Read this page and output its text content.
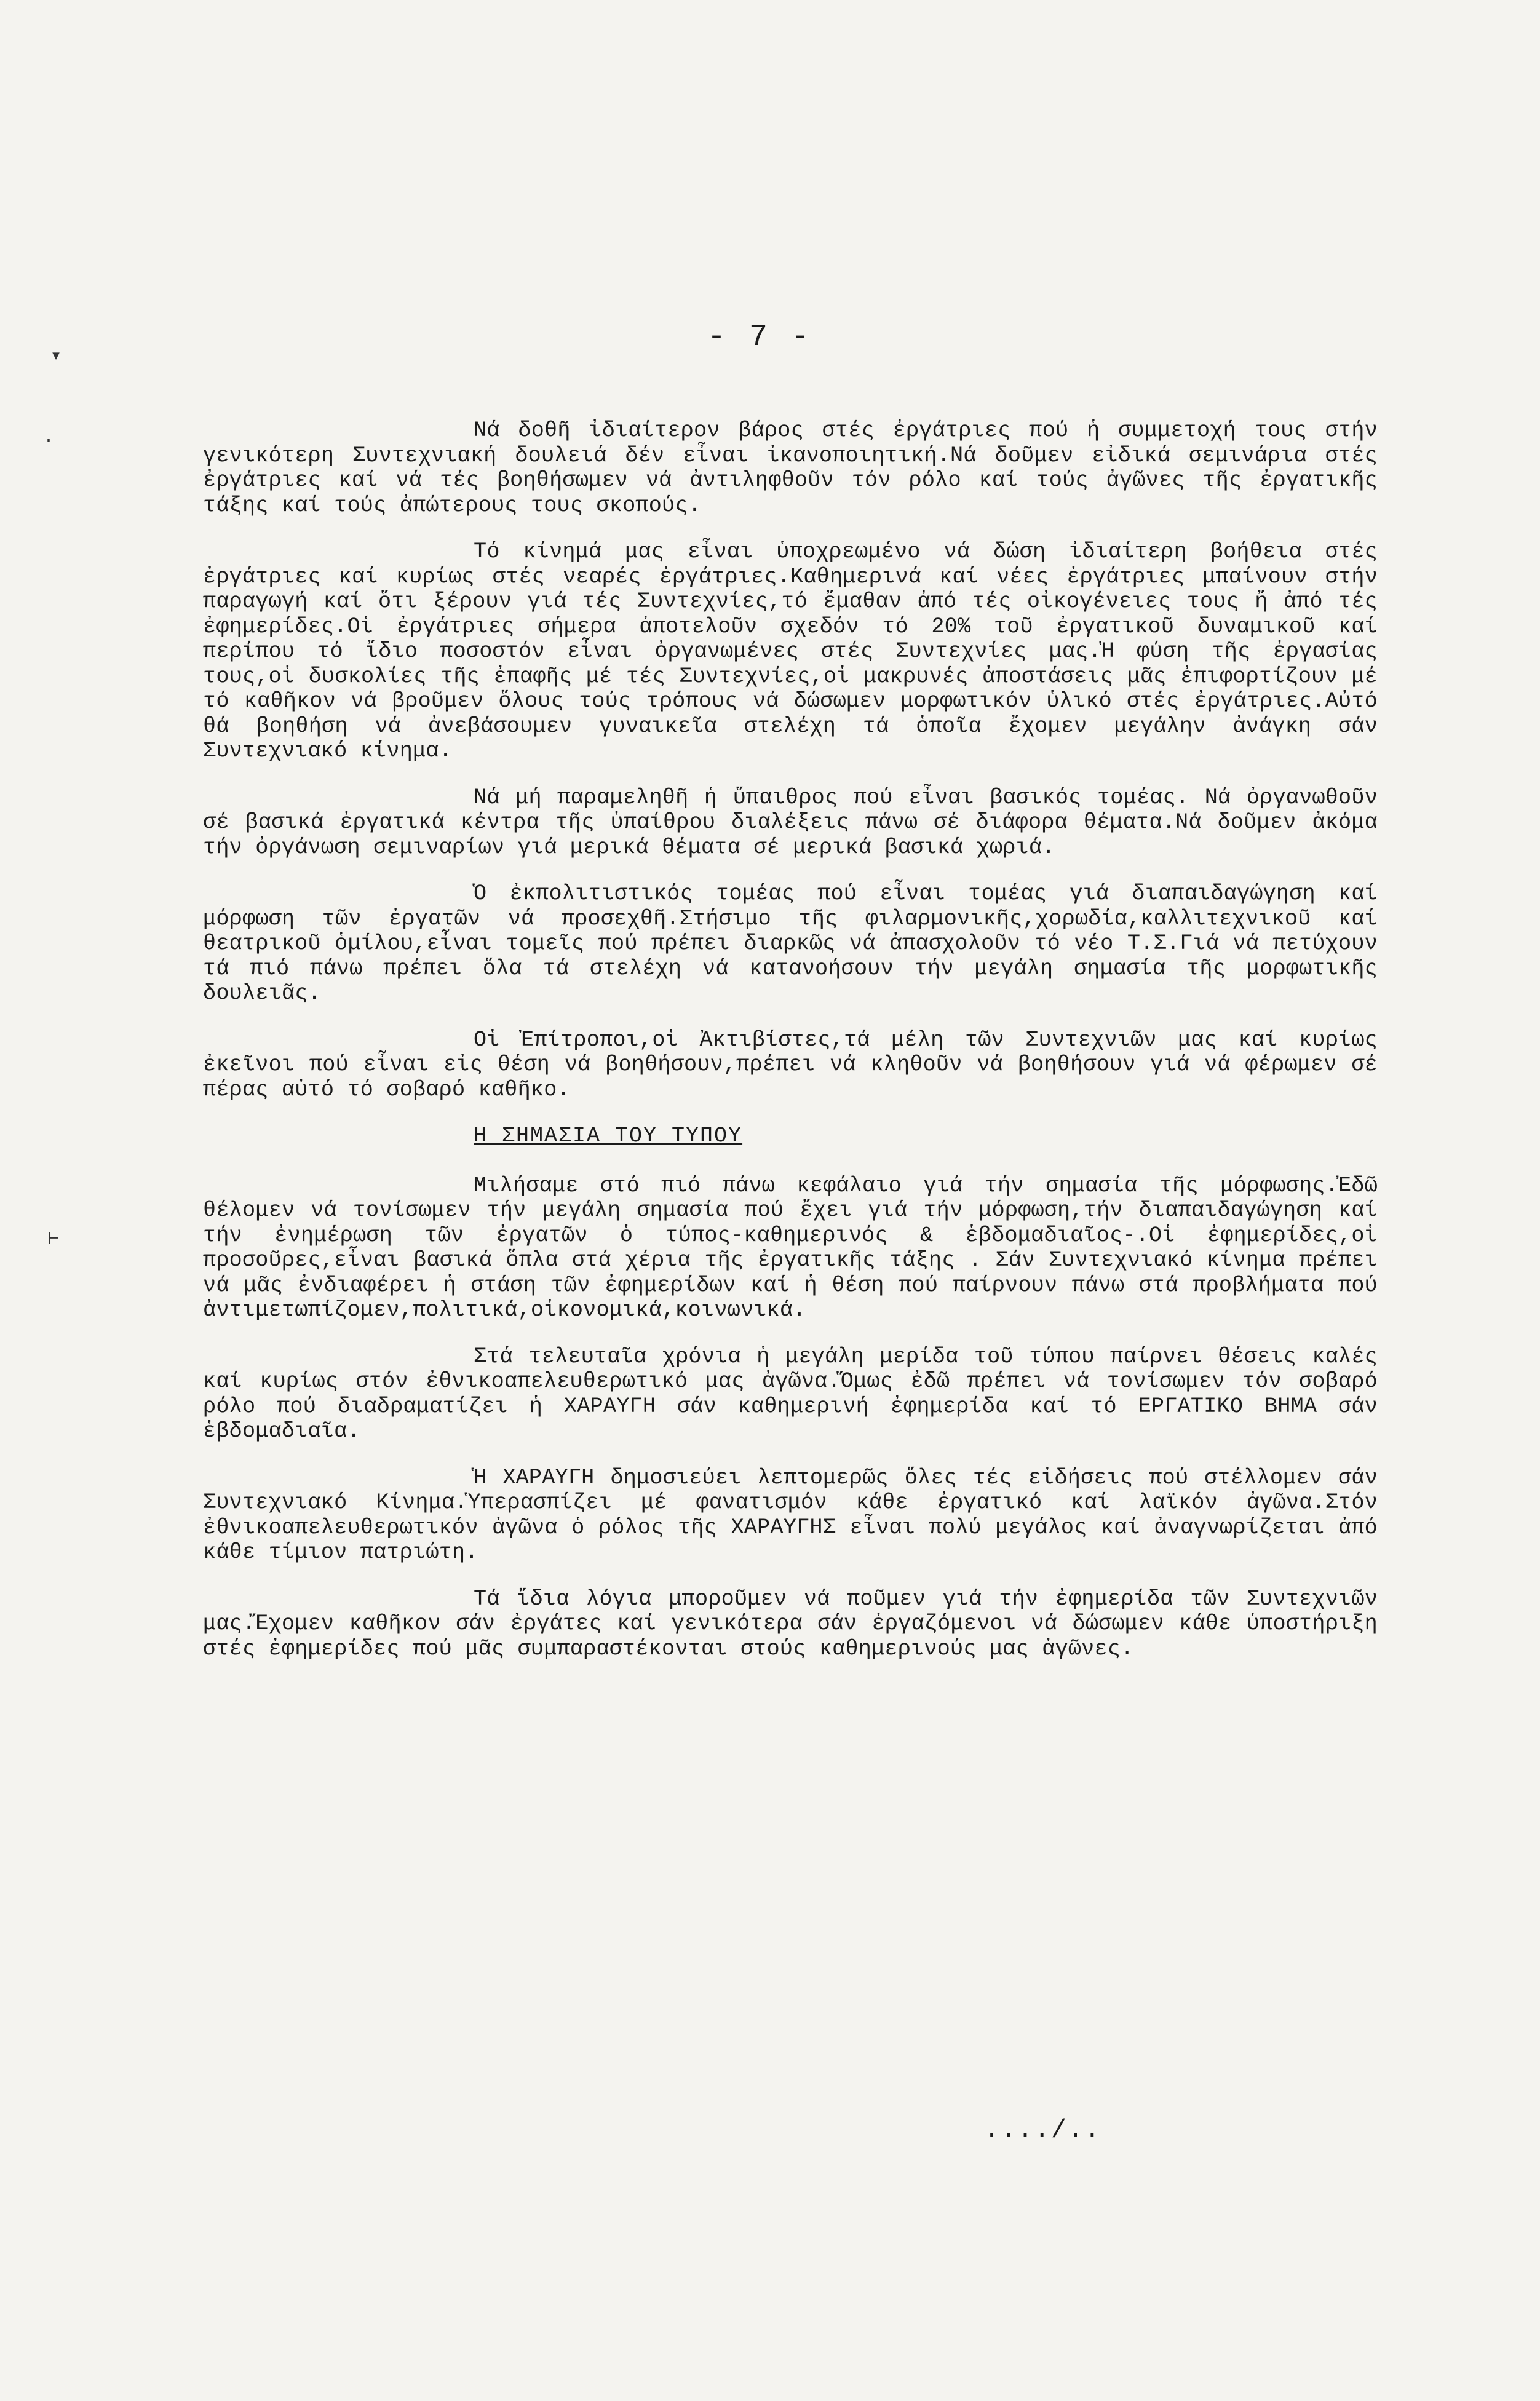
- 7 -
▾
·
⊢

Νά δοθῆ ἰδιαίτερον βάρος στές ἐργάτριες πού ἡ συμμετοχή τους στήν γενικότερη Συντεχνιακή δουλειά δέν εἶναι ἰκανοποιητική.Νά δοῦμεν εἰδικά σεμινάρια στές ἐργάτριες καί νά τές βοηθήσωμεν νά ἀντιληφθοῦν τόν ρόλο καί τούς ἀγῶνες τῆς ἐργατικῆς τάξης καί τούς ἀπώτερους τους σκοπούς.

Τό κίνημά μας εἶναι ὑποχρεωμένο νά δώση ἰδιαίτερη βοήθεια στές ἐργάτριες καί κυρίως στές νεαρές ἐργάτριες.Καθημερινά καί νέες ἐργάτριες μπαίνουν στήν παραγωγή καί ὅτι ξέρουν γιά τές Συντεχνίες,τό ἔμαθαν ἀπό τές οἰκογένειες τους ἤ ἀπό τές ἐφημερίδες.Οἱ ἐργάτριες σήμερα ἀποτελοῦν σχεδόν τό 20% τοῦ ἐργατικοῦ δυναμικοῦ καί περίπου τό ἴδιο ποσοστόν εἶναι ὀργανωμένες στές Συντεχνίες μας.Ἡ φύση τῆς ἐργασίας τους,οἱ δυσκολίες τῆς ἐπαφῆς μέ τές Συντεχνίες,οἱ μακρυνές ἀποστάσεις μᾶς ἐπιφορτίζουν μέ τό καθῆκον νά βροῦμεν ὅλους τούς τρόπους νά δώσωμεν μορφωτικόν ὑλικό στές ἐργάτριες.Αὐτό θά βοηθήση νά ἀνεβάσουμεν γυναικεῖα στελέχη τά ὁποῖα ἔχομεν μεγάλην ἀνάγκη σάν Συντεχνιακό κίνημα.

Νά μή παραμεληθῆ ἡ ὕπαιθρος πού εἶναι βασικός τομέας. Νά ὀργανωθοῦν σέ βασικά ἐργατικά κέντρα τῆς ὑπαίθρου διαλέξεις πάνω σέ διάφορα θέματα.Νά δοῦμεν ἀκόμα τήν ὀργάνωση σεμιναρίων γιά μερικά θέματα σέ μερικά βασικά χωριά.

Ὁ ἐκπολιτιστικός τομέας πού εἶναι τομέας γιά διαπαιδαγώγηση καί μόρφωση τῶν ἐργατῶν νά προσεχθῆ.Στήσιμο τῆς φιλαρμονικῆς,χορωδία,καλλιτεχνικοῦ καί θεατρικοῦ ὁμίλου,εἶναι τομεῖς πού πρέπει διαρκῶς νά ἀπασχολοῦν τό νέο Τ.Σ.Γιά νά πετύχουν τά πιό πάνω πρέπει ὅλα τά στελέχη νά κατανοήσουν τήν μεγάλη σημασία τῆς μορφωτικῆς δουλειᾶς.

Οἱ Ἐπίτροποι,οἱ Ἀκτιβίστες,τά μέλη τῶν Συντεχνιῶν μας καί κυρίως ἐκεῖνοι πού εἶναι εἰς θέση νά βοηθήσουν,πρέπει νά κληθοῦν νά βοηθήσουν γιά νά φέρωμεν σέ πέρας αὐτό τό σοβαρό καθῆκο.

Η ΣΗΜΑΣΙΑ ΤΟΥ ΤΥΠΟΥ

Μιλήσαμε στό πιό πάνω κεφάλαιο γιά τήν σημασία τῆς μόρφωσης.Ἐδῶ θέλομεν νά τονίσωμεν τήν μεγάλη σημασία πού ἔχει γιά τήν μόρφωση,τήν διαπαιδαγώγηση καί τήν ἐνημέρωση τῶν ἐργατῶν ὁ τύπος-καθημερινός & ἑβδομαδιαῖος-.Οἱ ἐφημερίδες,οἱ προσοῦρες,εἶναι βασικά ὅπλα στά χέρια τῆς ἐργατικῆς τάξης . Σάν Συντεχνιακό κίνημα πρέπει νά μᾶς ἐνδιαφέρει ἡ στάση τῶν ἐφημερίδων καί ἡ θέση πού παίρνουν πάνω στά προβλήματα πού ἀντιμετωπίζομεν,πολιτικά,οἰκονομικά,κοινωνικά.

Στά τελευταῖα χρόνια ἡ μεγάλη μερίδα τοῦ τύπου παίρνει θέσεις καλές καί κυρίως στόν ἐθνικοαπελευθερωτικό μας ἀγῶνα.Ὅμως ἐδῶ πρέπει νά τονίσωμεν τόν σοβαρό ρόλο πού διαδραματίζει ἡ ΧΑΡΑΥΓΗ σάν καθημερινή ἐφημερίδα καί τό ΕΡΓΑΤΙΚΟ ΒΗΜΑ σάν ἑβδομαδιαῖα.

Ἡ ΧΑΡΑΥΓΗ δημοσιεύει λεπτομερῶς ὅλες τές εἰδήσεις πού στέλλομεν σάν Συντεχνιακό Κίνημα.Ὑπερασπίζει μέ φανατισμόν κάθε ἐργατικό καί λαϊκόν ἀγῶνα.Στόν ἐθνικοαπελευθερωτικόν ἀγῶνα ὁ ρόλος τῆς ΧΑΡΑΥΓΗΣ εἶναι πολύ μεγάλος καί ἀναγνωρίζεται ἀπό κάθε τίμιον πατριώτη.

Τά ἴδια λόγια μποροῦμεν νά ποῦμεν γιά τήν ἐφημερίδα τῶν Συντεχνιῶν μας.Ἔχομεν καθῆκον σάν ἐργάτες καί γενικότερα σάν ἐργαζόμενοι νά δώσωμεν κάθε ὑποστήριξη στές ἐφημερίδες πού μᾶς συμπαραστέκονται στούς καθημερινούς μας ἀγῶνες.

..../..
